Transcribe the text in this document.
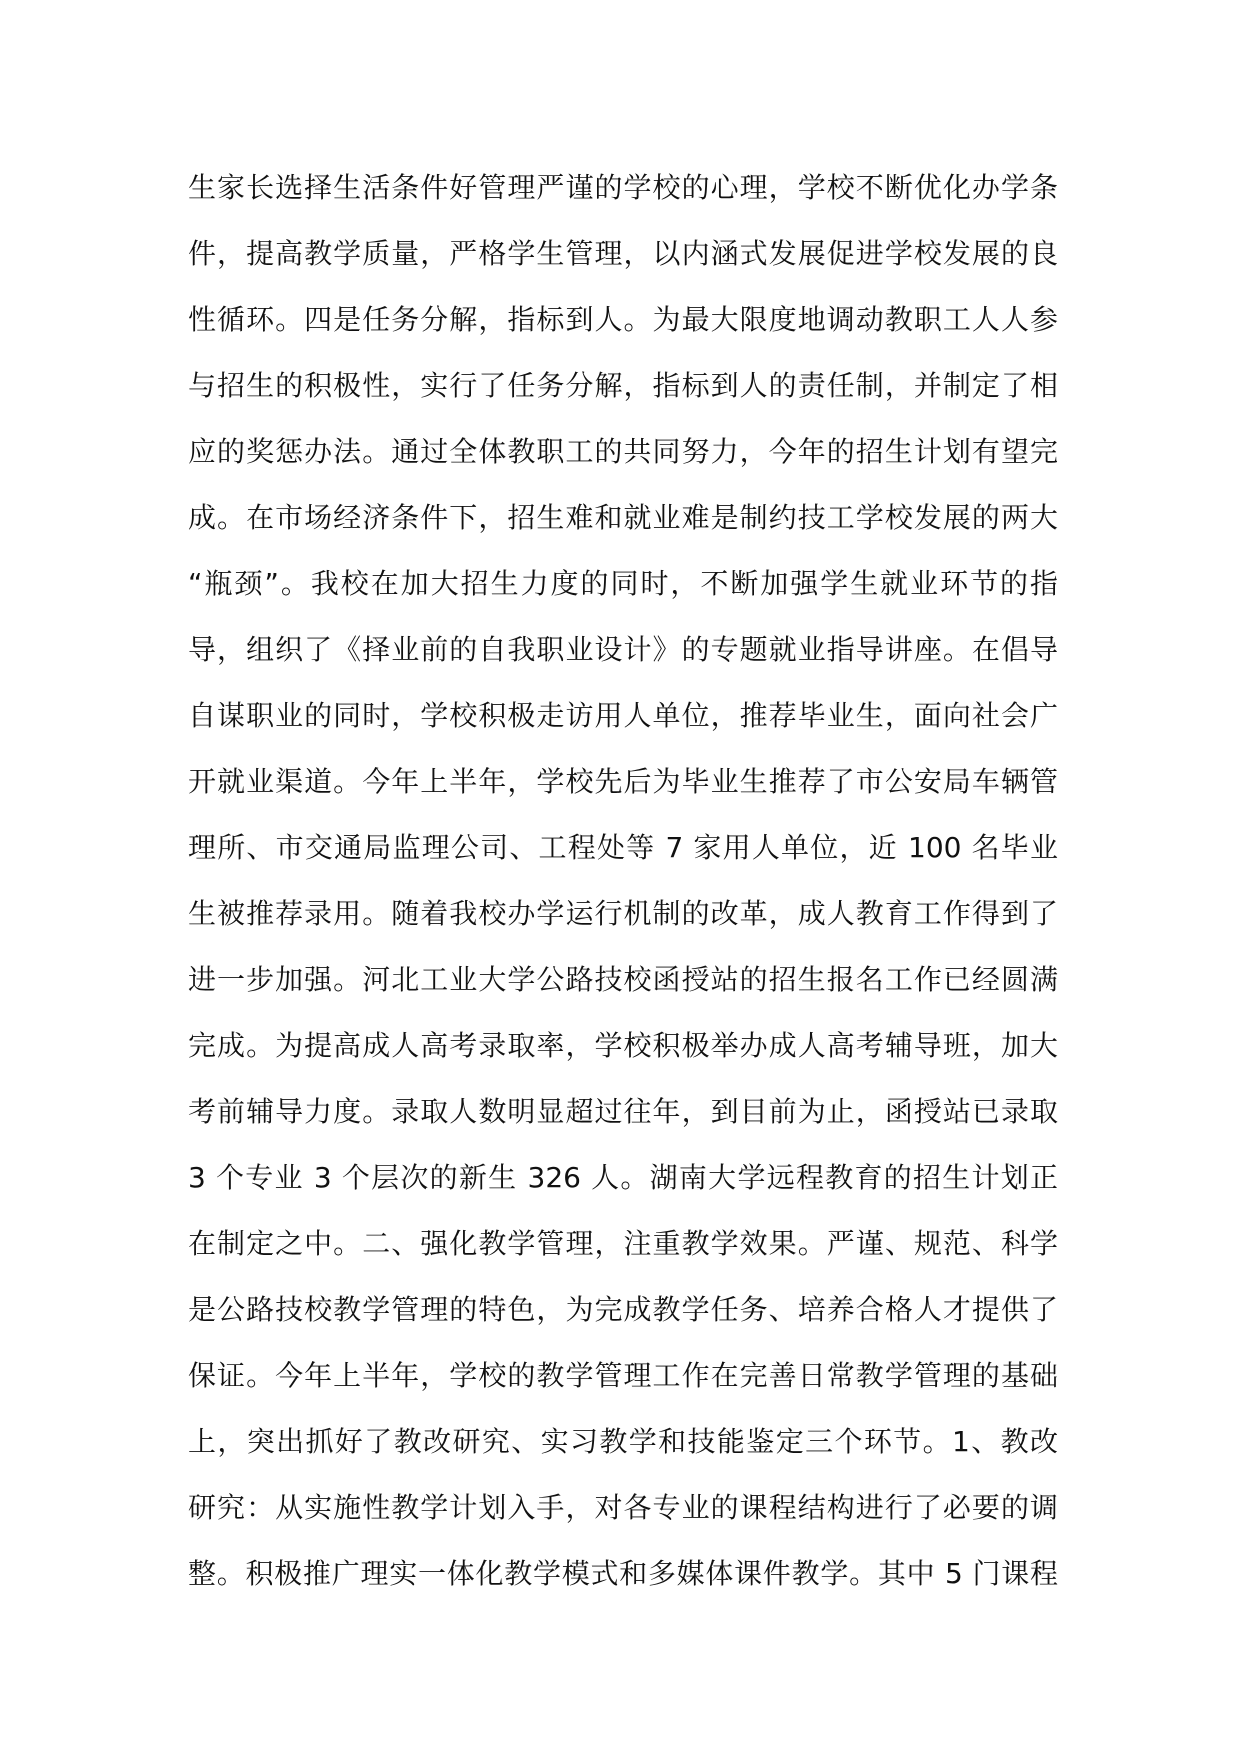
生家长选择生活条件好管理严谨的学校的心理，学校不断优化办学条
件，提高教学质量，严格学生管理，以内涵式发展促进学校发展的良
性循环。四是任务分解，指标到人。为最大限度地调动教职工人人参
与招生的积极性，实行了任务分解，指标到人的责任制，并制定了相
应的奖惩办法。通过全体教职工的共同努力，今年的招生计划有望完
成。在市场经济条件下，招生难和就业难是制约技工学校发展的两大
“瓶颈”。我校在加大招生力度的同时，不断加强学生就业环节的指
导，组织了《择业前的自我职业设计》的专题就业指导讲座。在倡导
自谋职业的同时，学校积极走访用人单位，推荐毕业生，面向社会广
开就业渠道。今年上半年，学校先后为毕业生推荐了市公安局车辆管
理所、市交通局监理公司、工程处等 7 家用人单位，近 100 名毕业
生被推荐录用。随着我校办学运行机制的改革，成人教育工作得到了
进一步加强。河北工业大学公路技校函授站的招生报名工作已经圆满
完成。为提高成人高考录取率，学校积极举办成人高考辅导班，加大
考前辅导力度。录取人数明显超过往年，到目前为止，函授站已录取
3 个专业 3 个层次的新生 326 人。湖南大学远程教育的招生计划正
在制定之中。二、强化教学管理，注重教学效果。严谨、规范、科学
是公路技校教学管理的特色，为完成教学任务、培养合格人才提供了
保证。今年上半年，学校的教学管理工作在完善日常教学管理的基础
上，突出抓好了教改研究、实习教学和技能鉴定三个环节。1、教改
研究：从实施性教学计划入手，对各专业的课程结构进行了必要的调
整。积极推广理实一体化教学模式和多媒体课件教学。其中 5 门课程
